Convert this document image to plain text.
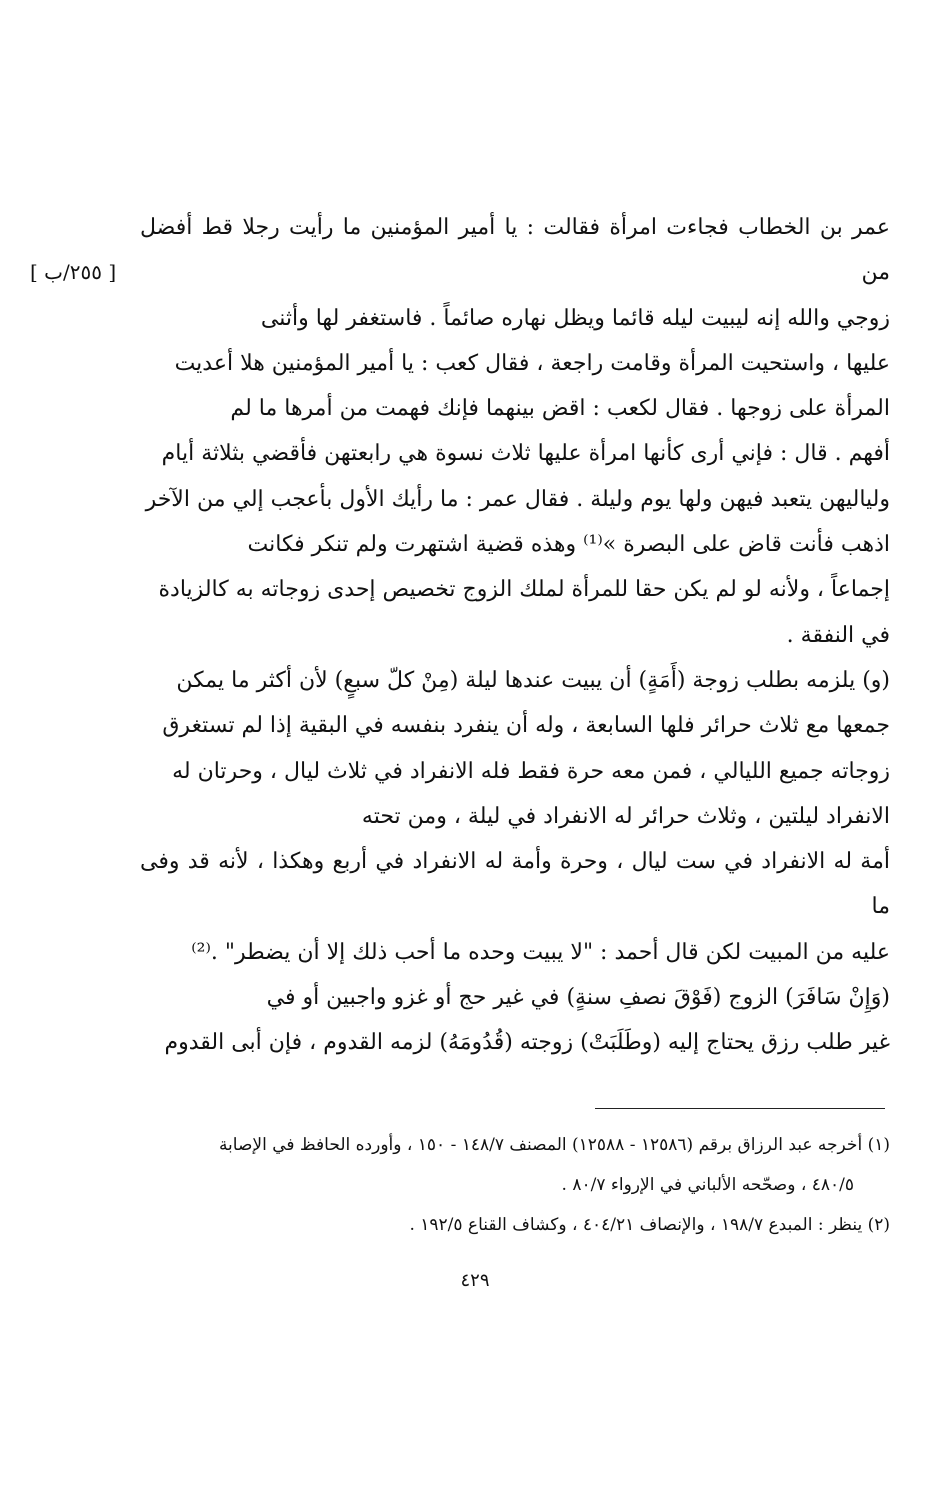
عمر بن الخطاب فجاءت امرأة فقالت : يا أمير المؤمنين ما رأيت رجلا قط أفضل من

زوجي والله إنه ليبيت ليله قائما ويظل نهاره صائماً . فاستغفر لها وأثنى

عليها ، واستحيت المرأة وقامت راجعة ، فقال كعب : يا أمير المؤمنين هلا أعديت

المرأة على زوجها . فقال لكعب : اقض بينهما فإنك فهمت من أمرها ما لم

أفهم . قال : فإني أرى كأنها امرأة عليها ثلاث نسوة هي رابعتهن فأقضي بثلاثة أيام

ولياليهن يتعبد فيهن ولها يوم وليلة . فقال عمر : ما رأيك الأول بأعجب إلي من الآخر

اذهب فأنت قاض على البصرة »⁽¹⁾ وهذه قضية اشتهرت ولم تنكر فكانت

إجماعاً ، ولأنه لو لم يكن حقا للمرأة لملك الزوج تخصيص إحدى زوجاته به كالزيادة

في النفقة .

(و) يلزمه بطلب زوجة (أَمَةٍ) أن يبيت عندها ليلة (مِنْ كلّ سبعٍ) لأن أكثر ما يمكن

جمعها مع ثلاث حرائر فلها السابعة ، وله أن ينفرد بنفسه في البقية إذا لم تستغرق

زوجاته جميع الليالي ، فمن معه حرة فقط فله الانفراد في ثلاث ليال ، وحرتان له

الانفراد ليلتين ، وثلاث حرائر له الانفراد في ليلة ، ومن تحته

أمة له الانفراد في ست ليال ، وحرة وأمة له الانفراد في أربع وهكذا ، لأنه قد وفى ما

عليه من المبيت لكن قال أحمد : "لا يبيت وحده ما أحب ذلك إلا أن يضطر" .⁽²⁾

(وَإِنْ سَافَرَ) الزوج (فَوْقَ نصفِ سنةٍ) في غير حج أو غزو واجبين أو في

غير طلب رزق يحتاج إليه (وطَلَبَتْ) زوجته (قُدُومَهُ) لزمه القدوم ، فإن أبى القدوم

[ ٢٥٥/ب ]

(١) أخرجه عبد الرزاق برقم (١٢٥٨٦ - ١٢٥٨٨) المصنف ١٤٨/٧ - ١٥٠ ، وأورده الحافظ في الإصابة

٤٨٠/٥ ، وصحّحه الألباني في الإرواء ٨٠/٧ .

(٢) ينظر : المبدع ١٩٨/٧ ، والإنصاف ٤٠٤/٢١ ، وكشاف القناع ١٩٢/٥ .

٤٢٩
